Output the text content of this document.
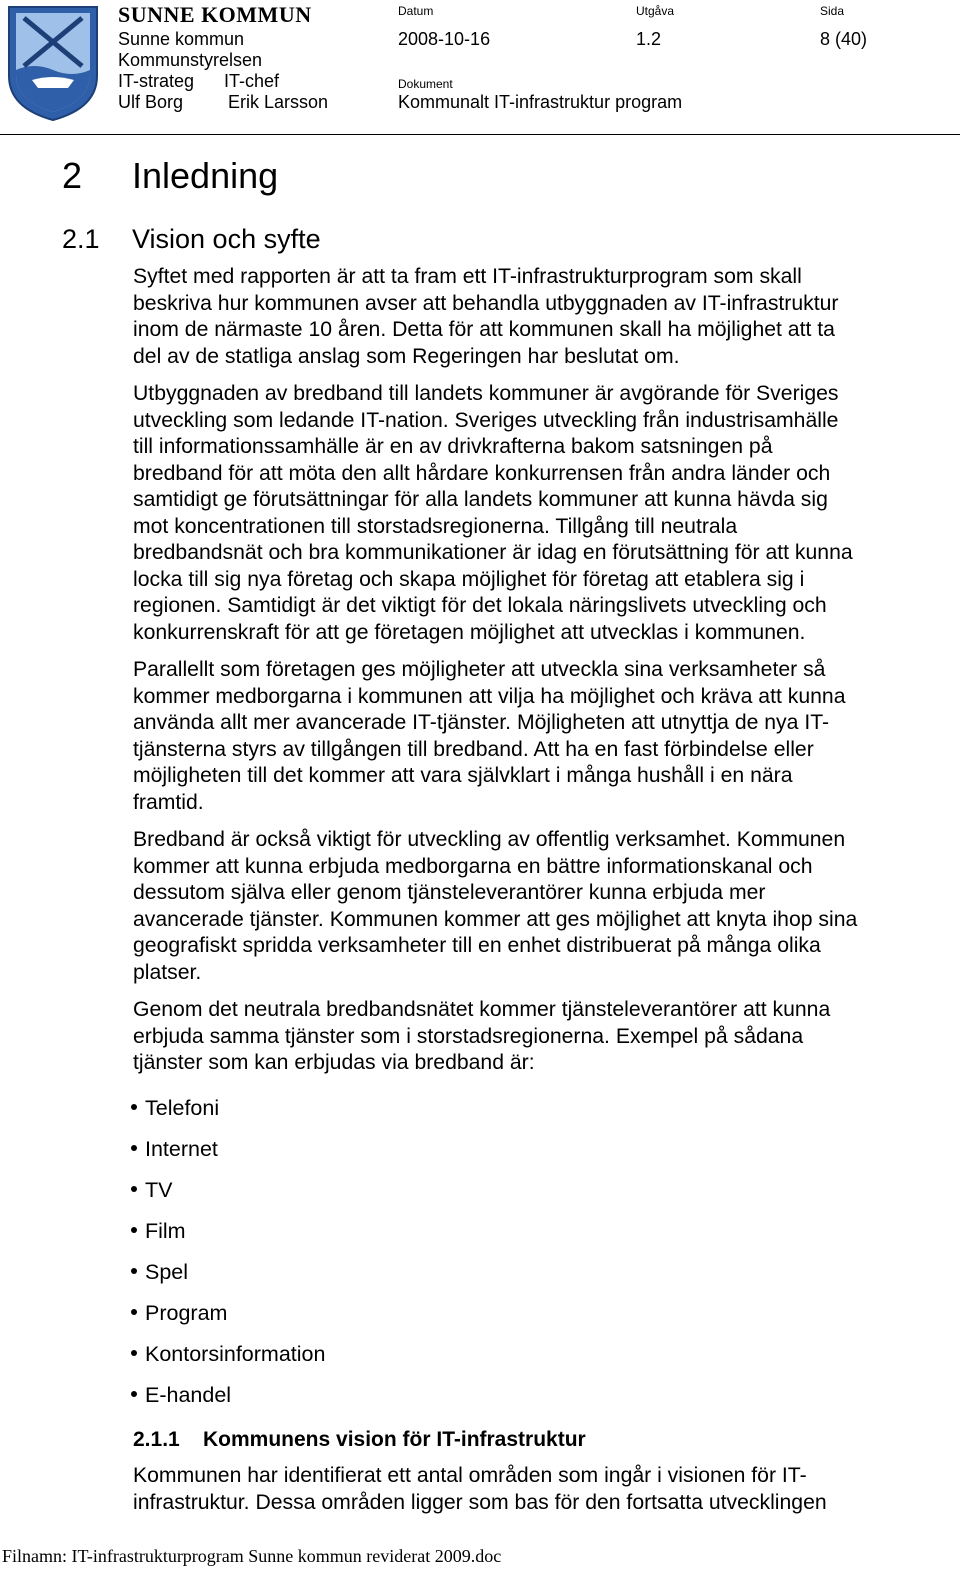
SUNNE KOMMUN	Datum	Utgåva	Sida
Sunne kommun	2008-10-16	1.2	8 (40)
Kommunstyrelsen
IT-strateg IT-chef	Dokument
Ulf Borg Erik Larsson	Kommunalt IT-infrastruktur program
2 Inledning
2.1 Vision och syfte

Syftet med rapporten är att ta fram ett IT-infrastrukturprogram som skall
beskriva hur kommunen avser att behandla utbyggnaden av IT-infrastruktur
inom de närmaste 10 åren. Detta för att kommunen skall ha möjlighet att ta
del av de statliga anslag som Regeringen har beslutat om.

Utbyggnaden av bredband till landets kommuner är avgörande för Sveriges
utveckling som ledande IT-nation. Sveriges utveckling från industrisamhälle
till informationssamhälle är en av drivkrafterna bakom satsningen på
bredband för att möta den allt hårdare konkurrensen från andra länder och
samtidigt ge förutsättningar för alla landets kommuner att kunna hävda sig
mot koncentrationen till storstadsregionerna. Tillgång till neutrala
bredbandsnät och bra kommunikationer är idag en förutsättning för att kunna
locka till sig nya företag och skapa möjlighet för företag att etablera sig i
regionen. Samtidigt är det viktigt för det lokala näringslivets utveckling och
konkurrenskraft för att ge företagen möjlighet att utvecklas i kommunen.

Parallellt som företagen ges möjligheter att utveckla sina verksamheter så
kommer medborgarna i kommunen att vilja ha möjlighet och kräva att kunna
använda allt mer avancerade IT-tjänster. Möjligheten att utnyttja de nya IT-
tjänsterna styrs av tillgången till bredband. Att ha en fast förbindelse eller
möjligheten till det kommer att vara självklart i många hushåll i en nära
framtid.

Bredband är också viktigt för utveckling av offentlig verksamhet. Kommunen
kommer att kunna erbjuda medborgarna en bättre informationskanal och
dessutom själva eller genom tjänsteleverantörer kunna erbjuda mer
avancerade tjänster. Kommunen kommer att ges möjlighet att knyta ihop sina
geografiskt spridda verksamheter till en enhet distribuerat på många olika
platser.

Genom det neutrala bredbandsnätet kommer tjänsteleverantörer att kunna
erbjuda samma tjänster som i storstadsregionerna. Exempel på sådana
tjänster som kan erbjudas via bredband är:

Telefoni
Internet
TV
Film
Spel
Program
Kontorsinformation
E-handel
2.1.1 Kommunens vision för IT-infrastruktur

Kommunen har identifierat ett antal områden som ingår i visionen för IT-
infrastruktur. Dessa områden ligger som bas för den fortsatta utvecklingen

Filnamn: IT-infrastrukturprogram Sunne kommun reviderat 2009.doc
